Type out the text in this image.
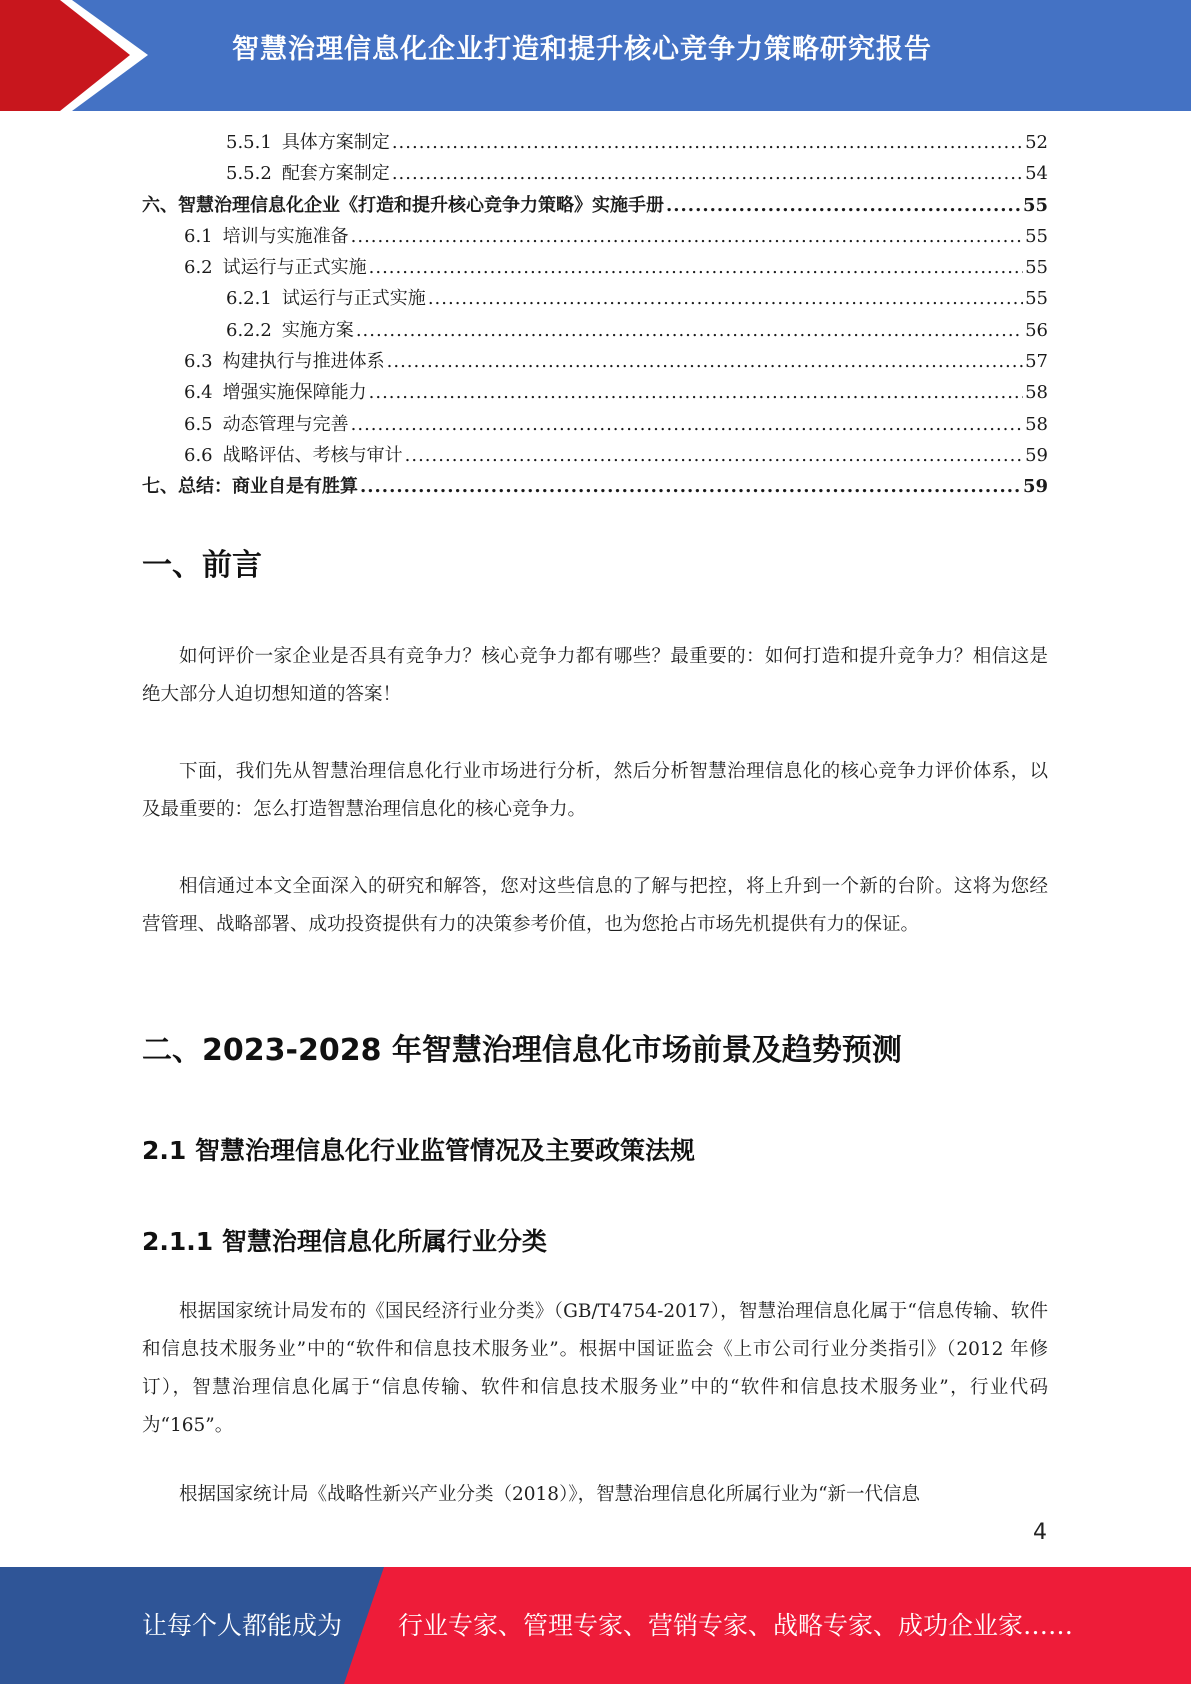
智慧治理信息化企业打造和提升核心竞争力策略研究报告
5.5.1 具体方案制定 .....	52
5.5.2 配套方案制定 .....	54
六、智慧治理信息化企业《打造和提升核心竞争力策略》实施手册 .....	55
6.1 培训与实施准备 .....	55
6.2 试运行与正式实施 .....	55
6.2.1 试运行与正式实施 .....	55
6.2.2 实施方案 .....	56
6.3 构建执行与推进体系 .....	57
6.4 增强实施保障能力 .....	58
6.5 动态管理与完善 .....	58
6.6 战略评估、考核与审计 .....	59
七、总结：商业自是有胜算 .....	59
一、前言

如何评价一家企业是否具有竞争力？核心竞争力都有哪些？最重要的：如何打造和提升竞争力？相信这是绝大部分人迫切想知道的答案！

下面，我们先从智慧治理信息化行业市场进行分析，然后分析智慧治理信息化的核心竞争力评价体系，以及最重要的：怎么打造智慧治理信息化的核心竞争力。

相信通过本文全面深入的研究和解答，您对这些信息的了解与把控，将上升到一个新的台阶。这将为您经营管理、战略部署、成功投资提供有力的决策参考价值，也为您抢占市场先机提供有力的保证。

二、2023-2028 年智慧治理信息化市场前景及趋势预测
2.1 智慧治理信息化行业监管情况及主要政策法规
2.1.1 智慧治理信息化所属行业分类

根据国家统计局发布的《国民经济行业分类》（GB/T4754-2017），智慧治理信息化属于“信息传输、软件和信息技术服务业”中的“软件和信息技术服务业”。根据中国证监会《上市公司行业分类指引》（2012 年修订），智慧治理信息化属于“信息传输、软件和信息技术服务业”中的“软件和信息技术服务业”，行业代码为“165”。

根据国家统计局《战略性新兴产业分类（2018）》，智慧治理信息化所属行业为“新一代信息

4
让每个人都能成为 行业专家、管理专家、营销专家、战略专家、成功企业家……
